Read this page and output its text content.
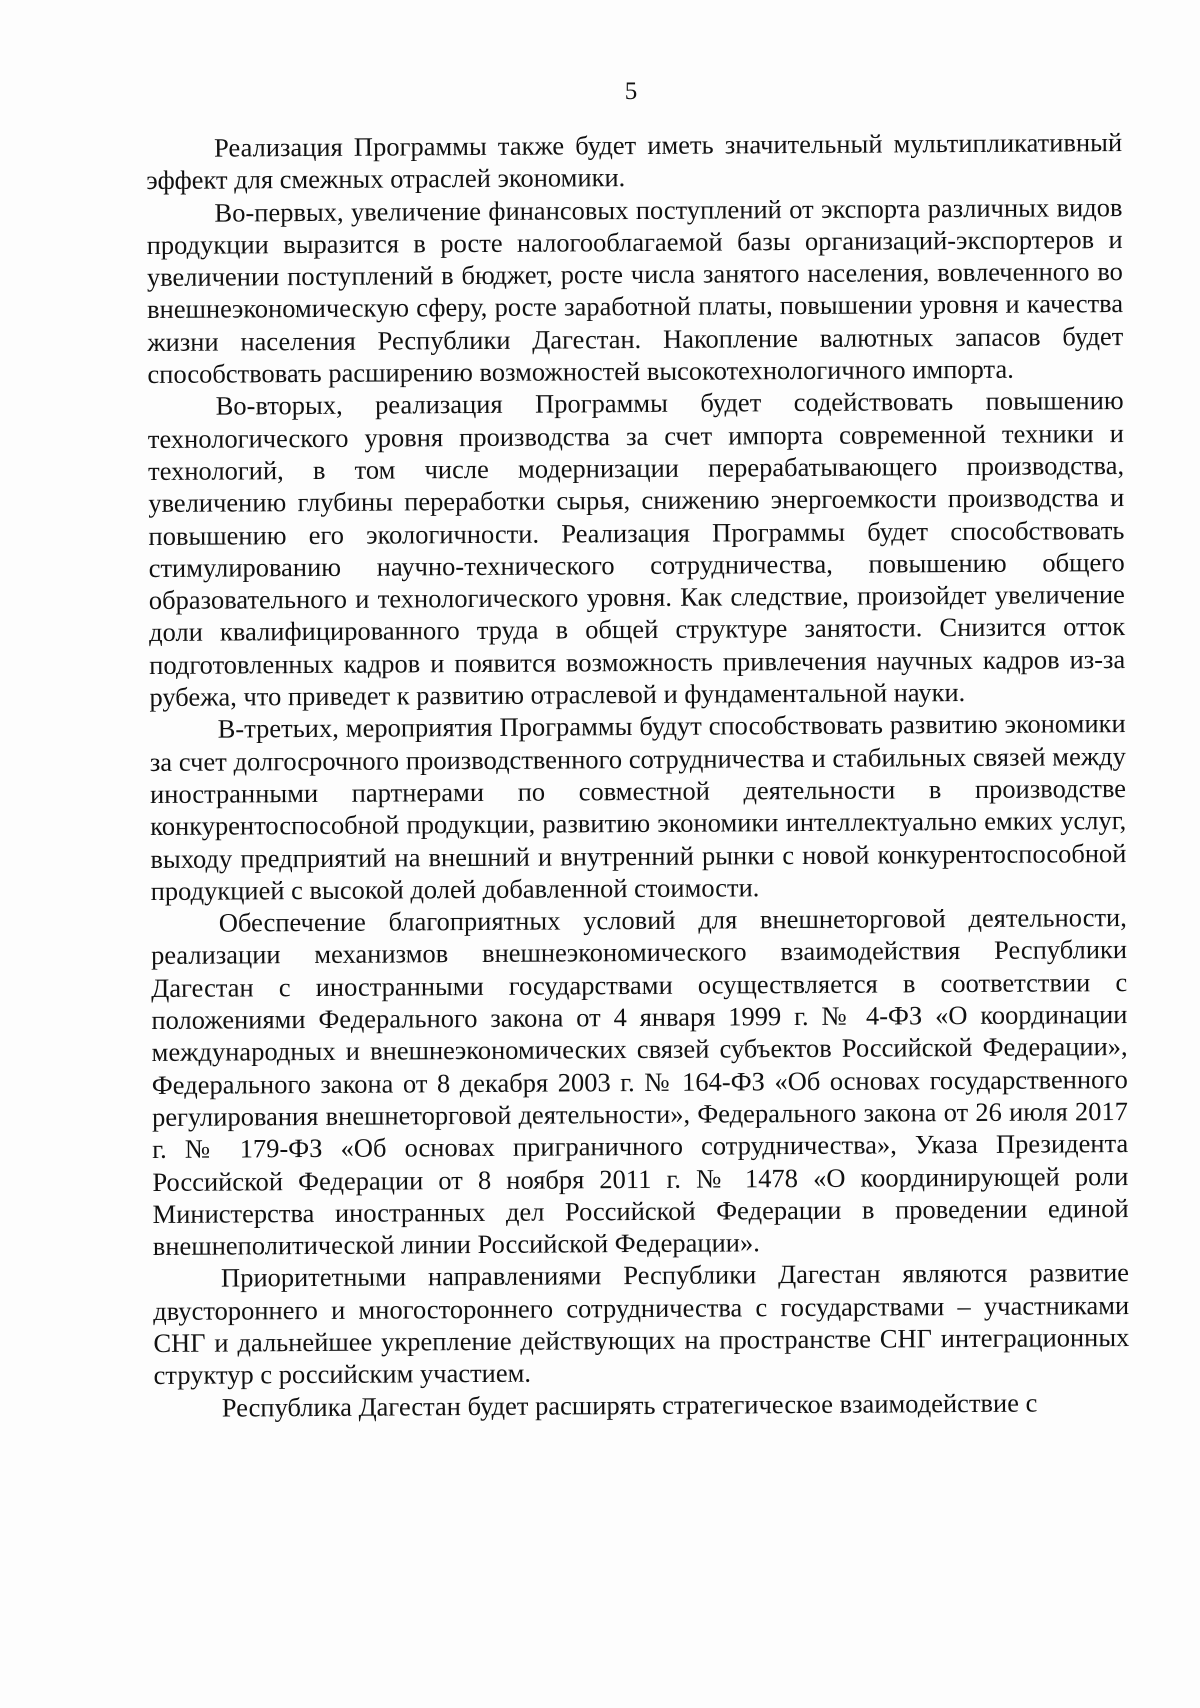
5

Реализация Программы также будет иметь значительный мультипликативный эффект для смежных отраслей экономики.

Во-первых, увеличение финансовых поступлений от экспорта различных видов продукции выразится в росте налогооблагаемой базы организаций-экспортеров и увеличении поступлений в бюджет, росте числа занятого населения, вовлеченного во внешнеэкономическую сферу, росте заработной платы, повышении уровня и качества жизни населения Республики Дагестан. Накопление валютных запасов будет способствовать расширению возможностей высокотехнологичного импорта.

Во-вторых, реализация Программы будет содействовать повышению технологического уровня производства за счет импорта современной техники и технологий, в том числе модернизации перерабатывающего производства, увеличению глубины переработки сырья, снижению энергоемкости производства и повышению его экологичности. Реализация Программы будет способствовать стимулированию научно-технического сотрудничества, повышению общего образовательного и технологического уровня. Как следствие, произойдет увеличение доли квалифицированного труда в общей структуре занятости. Снизится отток подготовленных кадров и появится возможность привлечения научных кадров из-за рубежа, что приведет к развитию отраслевой и фундаментальной науки.

В-третьих, мероприятия Программы будут способствовать развитию экономики за счет долгосрочного производственного сотрудничества и стабильных связей между иностранными партнерами по совместной деятельности в производстве конкурентоспособной продукции, развитию экономики интеллектуально емких услуг, выходу предприятий на внешний и внутренний рынки с новой конкурентоспособной продукцией с высокой долей добавленной стоимости.

Обеспечение благоприятных условий для внешнеторговой деятельности, реализации механизмов внешнеэкономического взаимодействия Республики Дагестан с иностранными государствами осуществляется в соответствии с положениями Федерального закона от 4 января 1999 г. № 4-ФЗ «О координации международных и внешнеэкономических связей субъектов Российской Федерации», Федерального закона от 8 декабря 2003 г. № 164-ФЗ «Об основах государственного регулирования внешнеторговой деятельности», Федерального закона от 26 июля 2017 г. № 179-ФЗ «Об основах приграничного сотрудничества», Указа Президента Российской Федерации от 8 ноября 2011 г. № 1478 «О координирующей роли Министерства иностранных дел Российской Федерации в проведении единой внешнеполитической линии Российской Федерации».

Приоритетными направлениями Республики Дагестан являются развитие двустороннего и многостороннего сотрудничества с государствами – участниками СНГ и дальнейшее укрепление действующих на пространстве СНГ интеграционных структур с российским участием.

Республика Дагестан будет расширять стратегическое взаимодействие с
